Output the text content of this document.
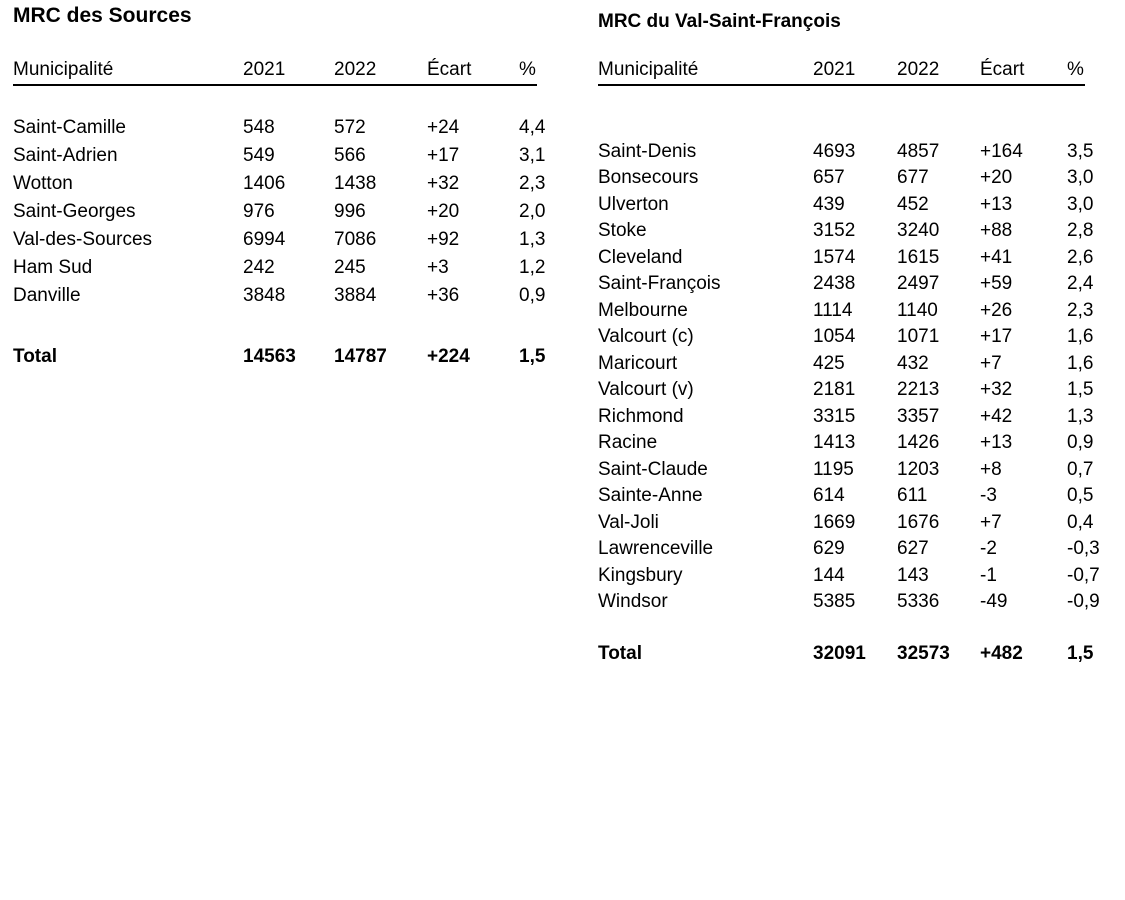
MRC des Sources
Municipalité	2021	2022	Écart	%
Saint-Camille	548	572	+24	4,4
Saint-Adrien	549	566	+17	3,1
Wotton	1406	1438	+32	2,3
Saint-Georges	976	996	+20	2,0
Val-des-Sources	6994	7086	+92	1,3
Ham Sud	242	245	+3	1,2
Danville	3848	3884	+36	0,9
Total	14563	14787	+224	1,5
MRC du Val-Saint-François
Municipalité	2021	2022	Écart	%
Saint-Denis	4693	4857	+164	3,5
Bonsecours	657	677	+20	3,0
Ulverton	439	452	+13	3,0
Stoke	3152	3240	+88	2,8
Cleveland	1574	1615	+41	2,6
Saint-François	2438	2497	+59	2,4
Melbourne	1114	1140	+26	2,3
Valcourt (c)	1054	1071	+17	1,6
Maricourt	425	432	+7	1,6
Valcourt (v)	2181	2213	+32	1,5
Richmond	3315	3357	+42	1,3
Racine	1413	1426	+13	0,9
Saint-Claude	1195	1203	+8	0,7
Sainte-Anne	614	611	-3	0,5
Val-Joli	1669	1676	+7	0,4
Lawrenceville	629	627	-2	-0,3
Kingsbury	144	143	-1	-0,7
Windsor	5385	5336	-49	-0,9
Total	32091	32573	+482	1,5
